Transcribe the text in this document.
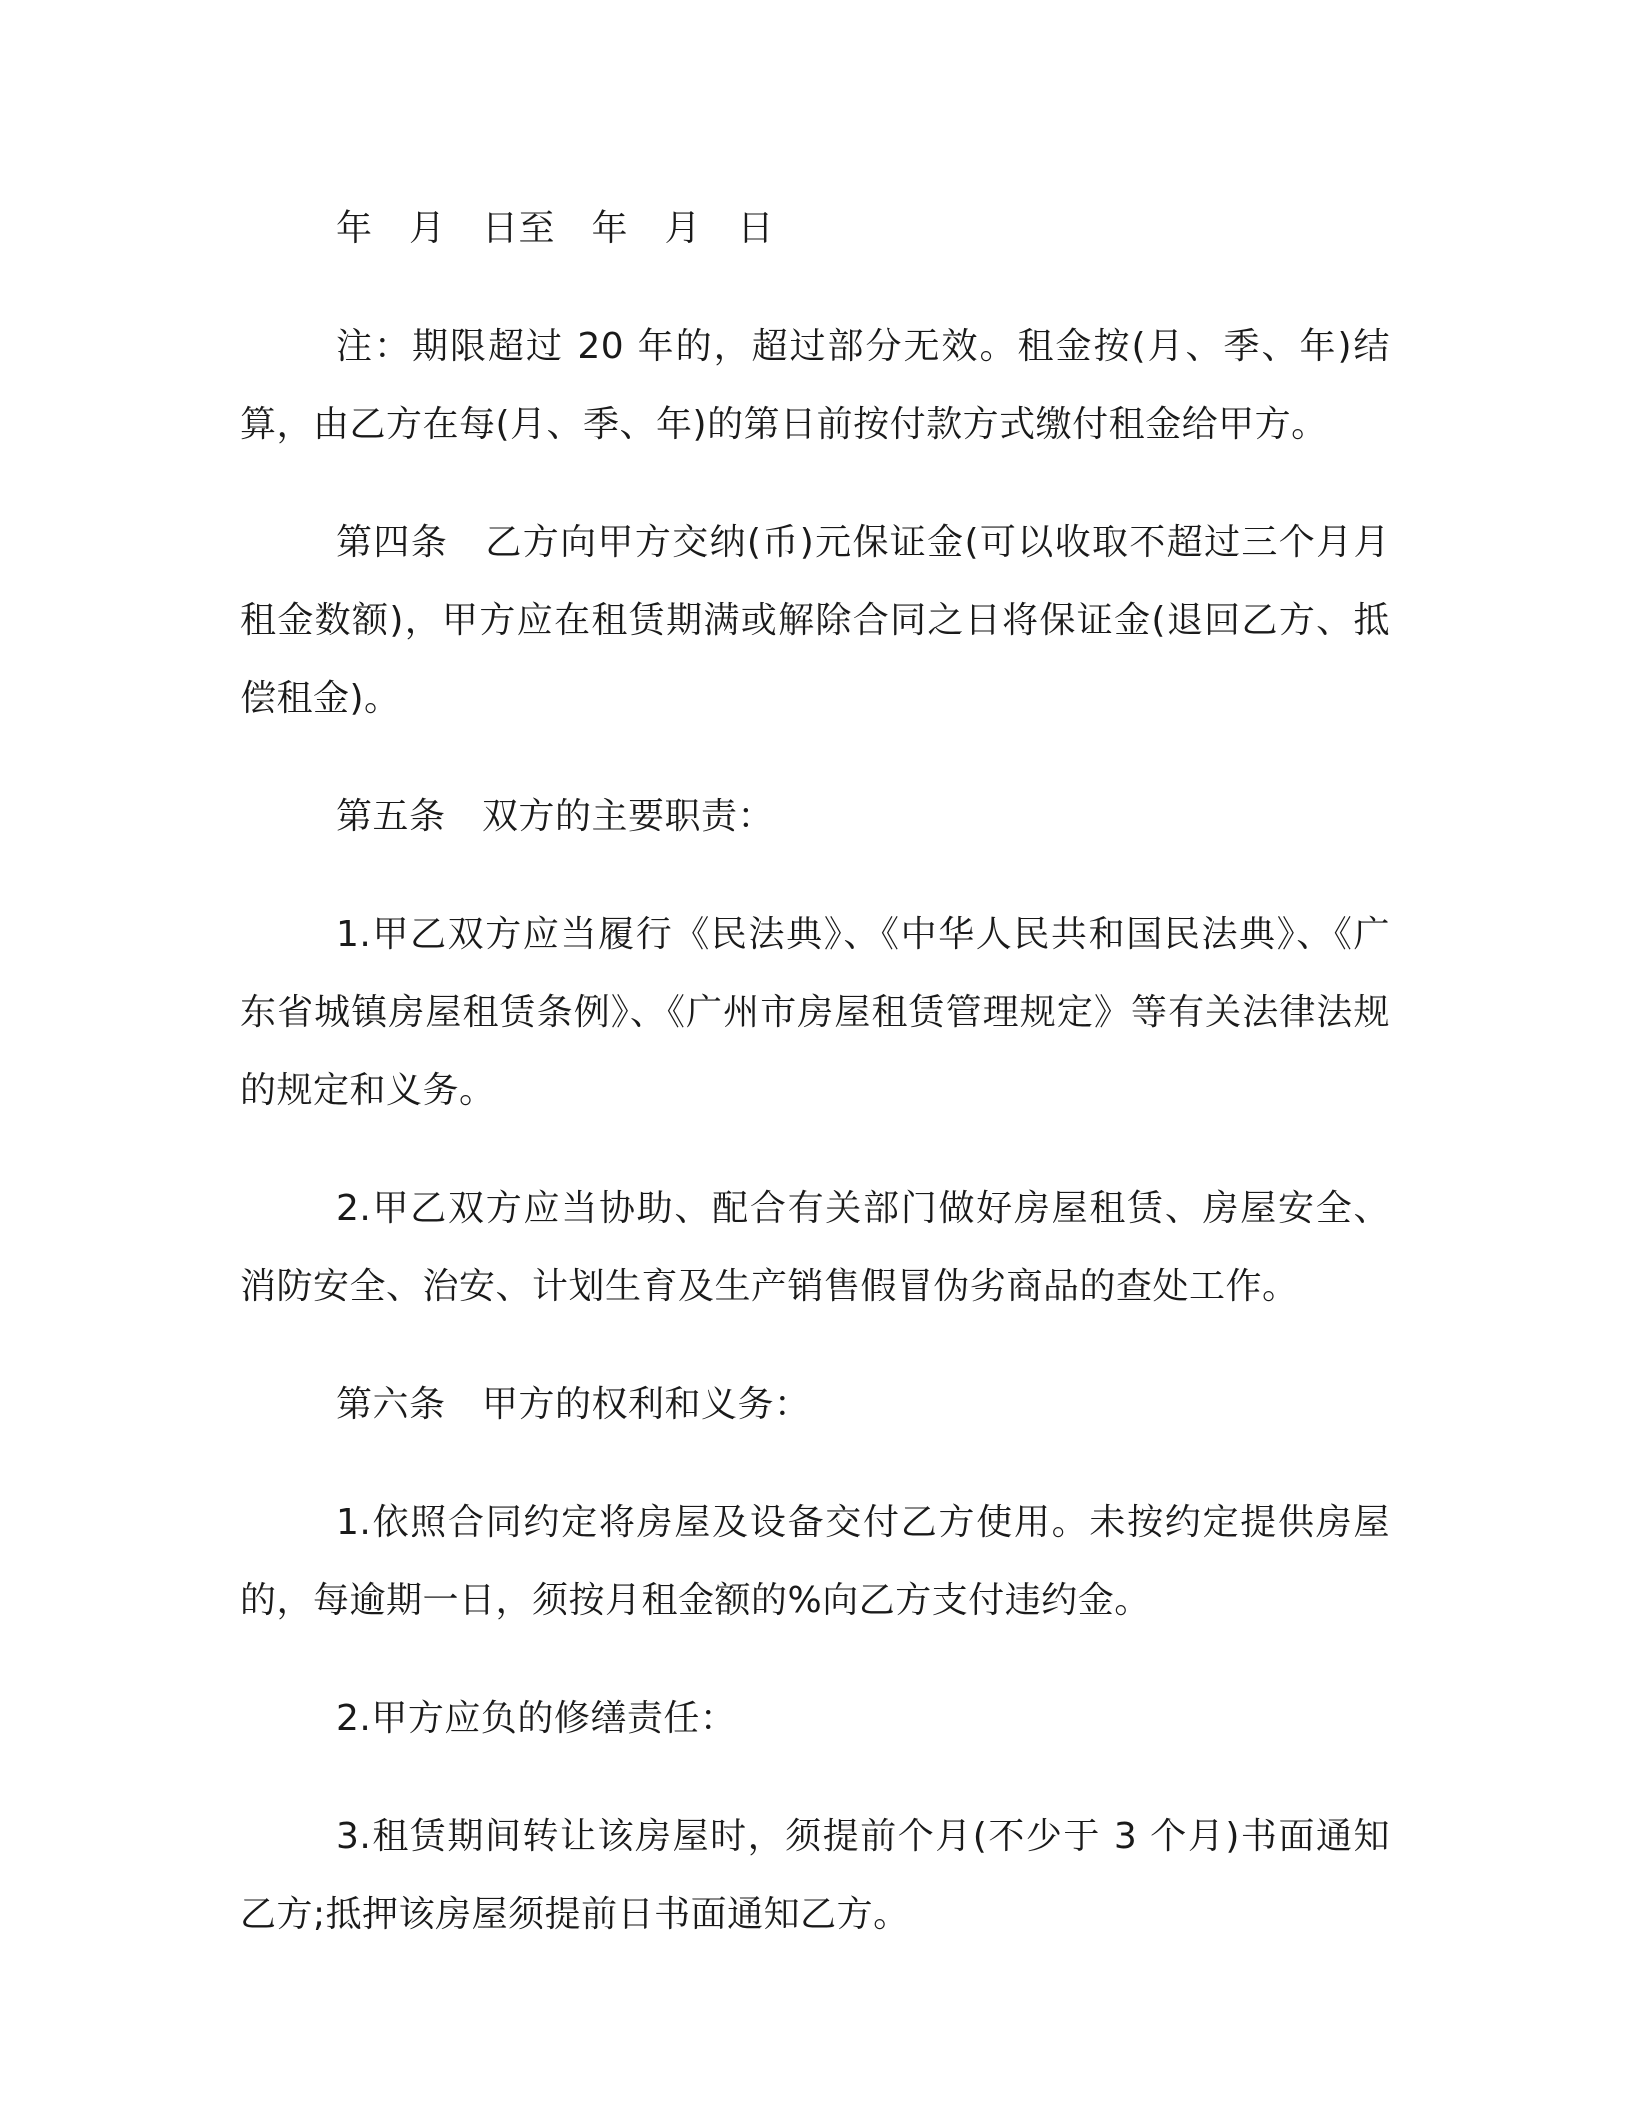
年　月　日至　年　月　日

注：期限超过 20 年的，超过部分无效。租金按(月、季、年)结算，由乙方在每(月、季、年)的第日前按付款方式缴付租金给甲方。

第四条　乙方向甲方交纳(币)元保证金(可以收取不超过三个月月租金数额)，甲方应在租赁期满或解除合同之日将保证金(退回乙方、抵偿租金)。

第五条　双方的主要职责：

1.甲乙双方应当履行《民法典》、《中华人民共和国民法典》、《广东省城镇房屋租赁条例》、《广州市房屋租赁管理规定》等有关法律法规的规定和义务。

2.甲乙双方应当协助、配合有关部门做好房屋租赁、房屋安全、消防安全、治安、计划生育及生产销售假冒伪劣商品的查处工作。

第六条　甲方的权利和义务：

1.依照合同约定将房屋及设备交付乙方使用。未按约定提供房屋的，每逾期一日，须按月租金额的%向乙方支付违约金。

2.甲方应负的修缮责任：

3.租赁期间转让该房屋时，须提前个月(不少于 3 个月)书面通知乙方;抵押该房屋须提前日书面通知乙方。
